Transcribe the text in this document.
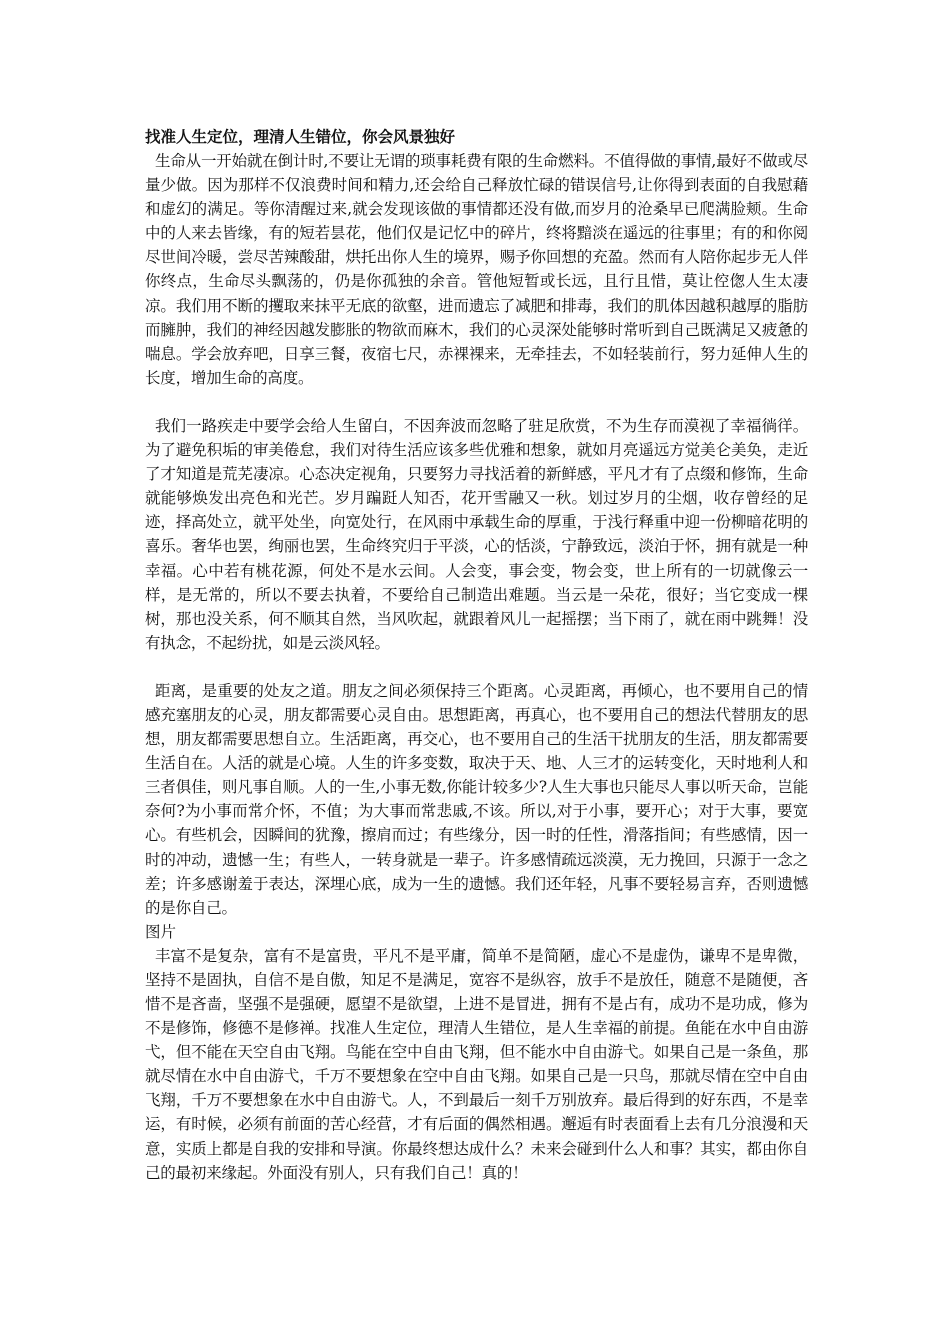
找准人生定位，理清人生错位，你会风景独好

生命从一开始就在倒计时,不要让无谓的琐事耗费有限的生命燃料。不值得做的事情,最好不做或尽量少做。因为那样不仅浪费时间和精力,还会给自己释放忙碌的错误信号,让你得到表面的自我慰藉和虚幻的满足。等你清醒过来,就会发现该做的事情都还没有做,而岁月的沧桑早已爬满脸颊。生命中的人来去皆缘，有的短若昙花，他们仅是记忆中的碎片，终将黯淡在遥远的往事里；有的和你阅尽世间冷暖，尝尽苦辣酸甜，烘托出你人生的境界，赐予你回想的充盈。然而有人陪你起步无人伴你终点，生命尽头飘荡的，仍是你孤独的余音。管他短暂或长远，且行且惜，莫让倥偬人生太凄凉。我们用不断的攫取来抹平无底的欲壑，进而遗忘了减肥和排毒，我们的肌体因越积越厚的脂肪而臃肿，我们的神经因越发膨胀的物欲而麻木，我们的心灵深处能够时常听到自己既满足又疲惫的喘息。学会放弃吧，日享三餐，夜宿七尺，赤裸裸来，无牵挂去，不如轻装前行，努力延伸人生的长度，增加生命的高度。

我们一路疾走中要学会给人生留白，不因奔波而忽略了驻足欣赏，不为生存而漠视了幸福徜徉。为了避免积垢的审美倦怠，我们对待生活应该多些优雅和想象，就如月亮遥远方觉美仑美奂，走近了才知道是荒芜凄凉。心态决定视角，只要努力寻找活着的新鲜感，平凡才有了点缀和修饰，生命就能够焕发出亮色和光芒。岁月蹁跹人知否，花开雪融又一秋。划过岁月的尘烟，收存曾经的足迹，择高处立，就平处坐，向宽处行，在风雨中承载生命的厚重，于浅行释重中迎一份柳暗花明的喜乐。奢华也罢，绚丽也罢，生命终究归于平淡，心的恬淡，宁静致远，淡泊于怀，拥有就是一种幸福。心中若有桃花源，何处不是水云间。人会变，事会变，物会变，世上所有的一切就像云一样，是无常的，所以不要去执着，不要给自己制造出难题。当云是一朵花，很好；当它变成一棵树，那也没关系，何不顺其自然，当风吹起，就跟着风儿一起摇摆；当下雨了，就在雨中跳舞！没有执念，不起纷扰，如是云淡风轻。

距离，是重要的处友之道。朋友之间必须保持三个距离。心灵距离，再倾心，也不要用自己的情感充塞朋友的心灵，朋友都需要心灵自由。思想距离，再真心，也不要用自己的想法代替朋友的思想，朋友都需要思想自立。生活距离，再交心，也不要用自己的生活干扰朋友的生活，朋友都需要生活自在。人活的就是心境。人生的许多变数，取决于天、地、人三才的运转变化，天时地利人和三者俱佳，则凡事自顺。人的一生,小事无数,你能计较多少?人生大事也只能尽人事以听天命，岂能奈何?为小事而常介怀，不值；为大事而常悲戚,不该。所以,对于小事，要开心；对于大事，要宽心。有些机会，因瞬间的犹豫，擦肩而过；有些缘分，因一时的任性，滑落指间；有些感情，因一时的冲动，遗憾一生；有些人，一转身就是一辈子。许多感情疏远淡漠，无力挽回，只源于一念之差；许多感谢羞于表达，深埋心底，成为一生的遗憾。我们还年轻，凡事不要轻易言弃，否则遗憾的是你自己。

图片

丰富不是复杂，富有不是富贵，平凡不是平庸，简单不是简陋，虚心不是虚伪，谦卑不是卑微，坚持不是固执，自信不是自傲，知足不是满足，宽容不是纵容，放手不是放任，随意不是随便，吝惜不是吝啬，坚强不是强硬，愿望不是欲望，上进不是冒进，拥有不是占有，成功不是功成，修为不是修饰，修德不是修禅。找准人生定位，理清人生错位，是人生幸福的前提。鱼能在水中自由游弋，但不能在天空自由飞翔。鸟能在空中自由飞翔，但不能水中自由游弋。如果自己是一条鱼，那就尽情在水中自由游弋，千万不要想象在空中自由飞翔。如果自己是一只鸟，那就尽情在空中自由飞翔，千万不要想象在水中自由游弋。人，不到最后一刻千万别放弃。最后得到的好东西，不是幸运，有时候，必须有前面的苦心经营，才有后面的偶然相遇。邂逅有时表面看上去有几分浪漫和天意，实质上都是自我的安排和导演。你最终想达成什么？未来会碰到什么人和事？其实，都由你自己的最初来缘起。外面没有别人，只有我们自己！真的！
